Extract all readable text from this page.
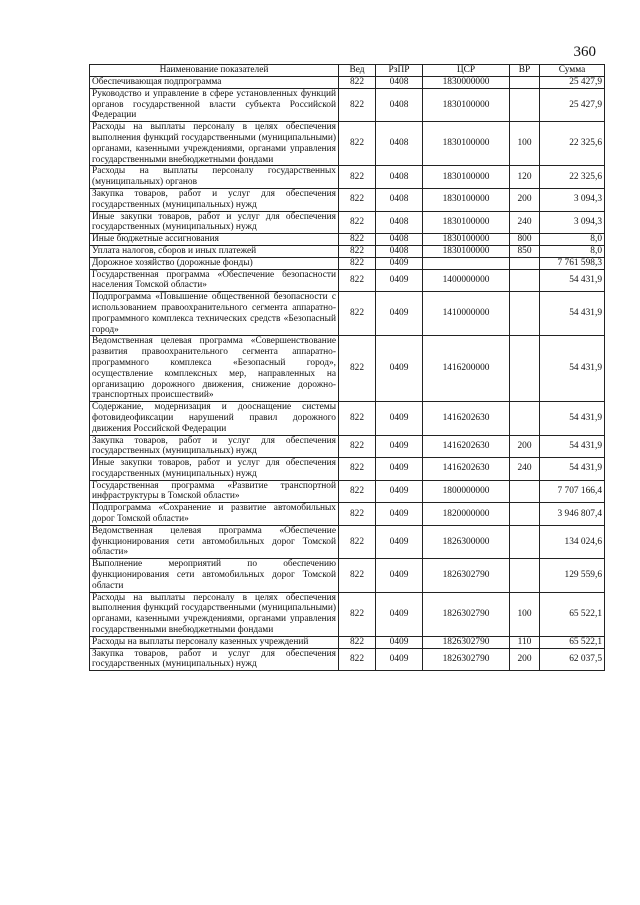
360
Наименование показателей	Вед	РзПР	ЦСР	ВР	Сумма
Обеспечивающая подпрограмма	822	0408	1830000000		25 427,9
Руководство и управление в сфере установленных функций органов государственной власти субъекта Российской Федерации	822	0408	1830100000		25 427,9
Расходы на выплаты персоналу в целях обеспечения выполнения функций государственными (муниципальными) органами, казенными учреждениями, органами управления государственными внебюджетными фондами	822	0408	1830100000	100	22 325,6
Расходы на выплаты персоналу государственных (муниципальных) органов	822	0408	1830100000	120	22 325,6
Закупка товаров, работ и услуг для обеспечения государственных (муниципальных) нужд	822	0408	1830100000	200	3 094,3
Иные закупки товаров, работ и услуг для обеспечения государственных (муниципальных) нужд	822	0408	1830100000	240	3 094,3
Иные бюджетные ассигнования	822	0408	1830100000	800	8,0
Уплата налогов, сборов и иных платежей	822	0408	1830100000	850	8,0
Дорожное хозяйство (дорожные фонды)	822	0409			7 761 598,3
Государственная программа «Обеспечение безопасности населения Томской области»	822	0409	1400000000		54 431,9
Подпрограмма «Повышение общественной безопасности с использованием правоохранительного сегмента аппаратно-программного комплекса технических средств «Безопасный город»	822	0409	1410000000		54 431,9
Ведомственная целевая программа «Совершенствование развития правоохранительного сегмента аппаратно-программного комплекса «Безопасный город», осуществление комплексных мер, направленных на организацию дорожного движения, снижение дорожно-транспортных происшествий»	822	0409	1416200000		54 431,9
Содержание, модернизация и дооснащение системы фотовидеофиксации нарушений правил дорожного движения Российской Федерации	822	0409	1416202630		54 431,9
Закупка товаров, работ и услуг для обеспечения государственных (муниципальных) нужд	822	0409	1416202630	200	54 431,9
Иные закупки товаров, работ и услуг для обеспечения государственных (муниципальных) нужд	822	0409	1416202630	240	54 431,9
Государственная программа «Развитие транспортной инфраструктуры в Томской области»	822	0409	1800000000		7 707 166,4
Подпрограмма «Сохранение и развитие автомобильных дорог Томской области»	822	0409	1820000000		3 946 807,4
Ведомственная целевая программа «Обеспечение функционирования сети автомобильных дорог Томской области»	822	0409	1826300000		134 024,6
Выполнение мероприятий по обеспечению функционирования сети автомобильных дорог Томской области	822	0409	1826302790		129 559,6
Расходы на выплаты персоналу в целях обеспечения выполнения функций государственными (муниципальными) органами, казенными учреждениями, органами управления государственными внебюджетными фондами	822	0409	1826302790	100	65 522,1
Расходы на выплаты персоналу казенных учреждений	822	0409	1826302790	110	65 522,1
Закупка товаров, работ и услуг для обеспечения государственных (муниципальных) нужд	822	0409	1826302790	200	62 037,5
